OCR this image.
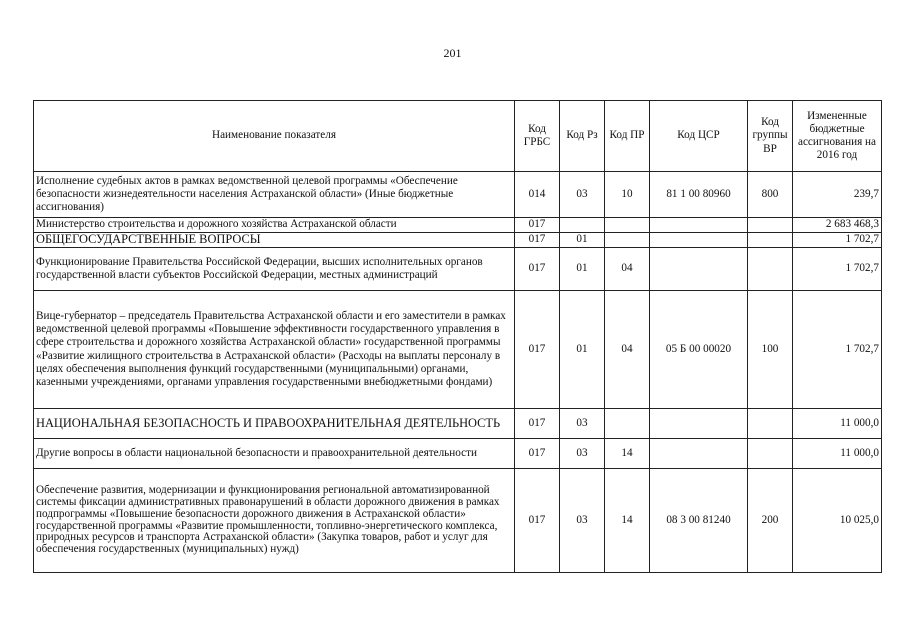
201
Наименование показателя	Код ГРБС	Код Рз	Код ПР	Код ЦСР	Код группы ВР	Измененные бюджетные ассигнования на 2016 год
Исполнение судебных актов в рамках ведомственной целевой программы «Обеспечение безопасности жизнедеятельности населения Астраханской области» (Иные бюджетные ассигнования)	014	03	10	81 1 00 80960	800	239,7
Министерство строительства и дорожного хозяйства Астраханской области	017					2 683 468,3
ОБЩЕГОСУДАРСТВЕННЫЕ ВОПРОСЫ	017	01				1 702,7
Функционирование Правительства Российской Федерации, высших исполнительных органов государственной власти субъектов Российской Федерации, местных администраций	017	01	04			1 702,7
Вице-губернатор – председатель Правительства Астраханской области и его заместители в рамках ведомственной целевой программы «Повышение эффективности государственного управления в сфере строительства и дорожного хозяйства Астраханской области» государственной программы «Развитие жилищного строительства в Астраханской области» (Расходы на выплаты персоналу в целях обеспечения выполнения функций государственными (муниципальными) органами, казенными учреждениями, органами управления государственными внебюджетными фондами)	017	01	04	05 Б 00 00020	100	1 702,7
НАЦИОНАЛЬНАЯ БЕЗОПАСНОСТЬ И ПРАВООХРАНИТЕЛЬНАЯ ДЕЯТЕЛЬНОСТЬ	017	03				11 000,0
Другие вопросы в области национальной безопасности и правоохранительной деятельности	017	03	14			11 000,0
Обеспечение развития, модернизации и функционирования региональной автоматизированной системы фиксации административных правонарушений в области дорожного движения в рамках подпрограммы «Повышение безопасности дорожного движения в Астраханской области» государственной программы «Развитие промышленности, топливно-энергетического комплекса, природных ресурсов и транспорта Астраханской области» (Закупка товаров, работ и услуг для обеспечения государственных (муниципальных) нужд)	017	03	14	08 3 00 81240	200	10 025,0
